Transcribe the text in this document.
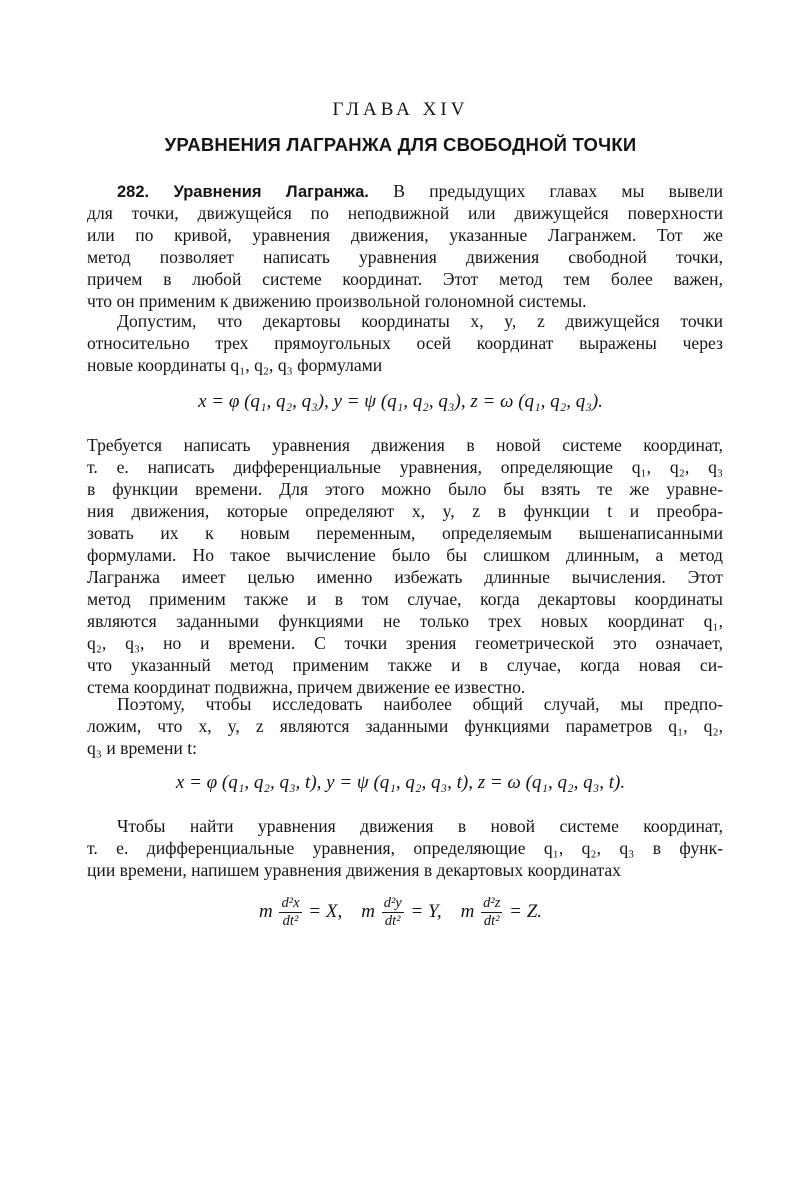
ГЛАВА XIV
УРАВНЕНИЯ ЛАГРАНЖА ДЛЯ СВОБОДНОЙ ТОЧКИ
282. Уравнения Лагранжа. В предыдущих главах мы вывели
для точки, движущейся по неподвижной или движущейся поверхности
или по кривой, уравнения движения, указанные Лагранжем. Тот же
метод позволяет написать уравнения движения свободной точки,
причем в любой системе координат. Этот метод тем более важен,
что он применим к движению произвольной голономной системы.
Допустим, что декартовы координаты x, y, z движущейся точки
относительно трех прямоугольных осей координат выражены через
новые координаты q₁, q₂, q₃ формулами
x = φ (q₁, q₂, q₃), y = ψ (q₁, q₂, q₃), z = ω (q₁, q₂, q₃).
Требуется написать уравнения движения в новой системе координат,
т. е. написать дифференциальные уравнения, определяющие q₁, q₂, q₃
в функции времени. Для этого можно было бы взять те же уравне-
ния движения, которые определяют x, y, z в функции t и преобра-
зовать их к новым переменным, определяемым вышенаписанными
формулами. Но такое вычисление было бы слишком длинным, а метод
Лагранжа имеет целью именно избежать длинные вычисления. Этот
метод применим также и в том случае, когда декартовы координаты
являются заданными функциями не только трех новых координат q₁,
q₂, q₃, но и времени. С точки зрения геометрической это означает,
что указанный метод применим также и в случае, когда новая си-
стема координат подвижна, причем движение ее известно.
Поэтому, чтобы исследовать наиболее общий случай, мы предпо-
ложим, что x, y, z являются заданными функциями параметров q₁, q₂,
q₃ и времени t:
x = φ (q₁, q₂, q₃, t), y = ψ (q₁, q₂, q₃, t), z = ω (q₁, q₂, q₃, t).
Чтобы найти уравнения движения в новой системе координат,
т. е. дифференциальные уравнения, определяющие q₁, q₂, q₃ в функ-
ции времени, напишем уравнения движения в декартовых координатах
m $\frac{\text{d²x}}{\text{dt²}} = X$, m $\frac{\text{d²y}}{\text{dt²}} = Y$, m $\frac{\text{d²z}}{\text{dt²}} = Z$.
